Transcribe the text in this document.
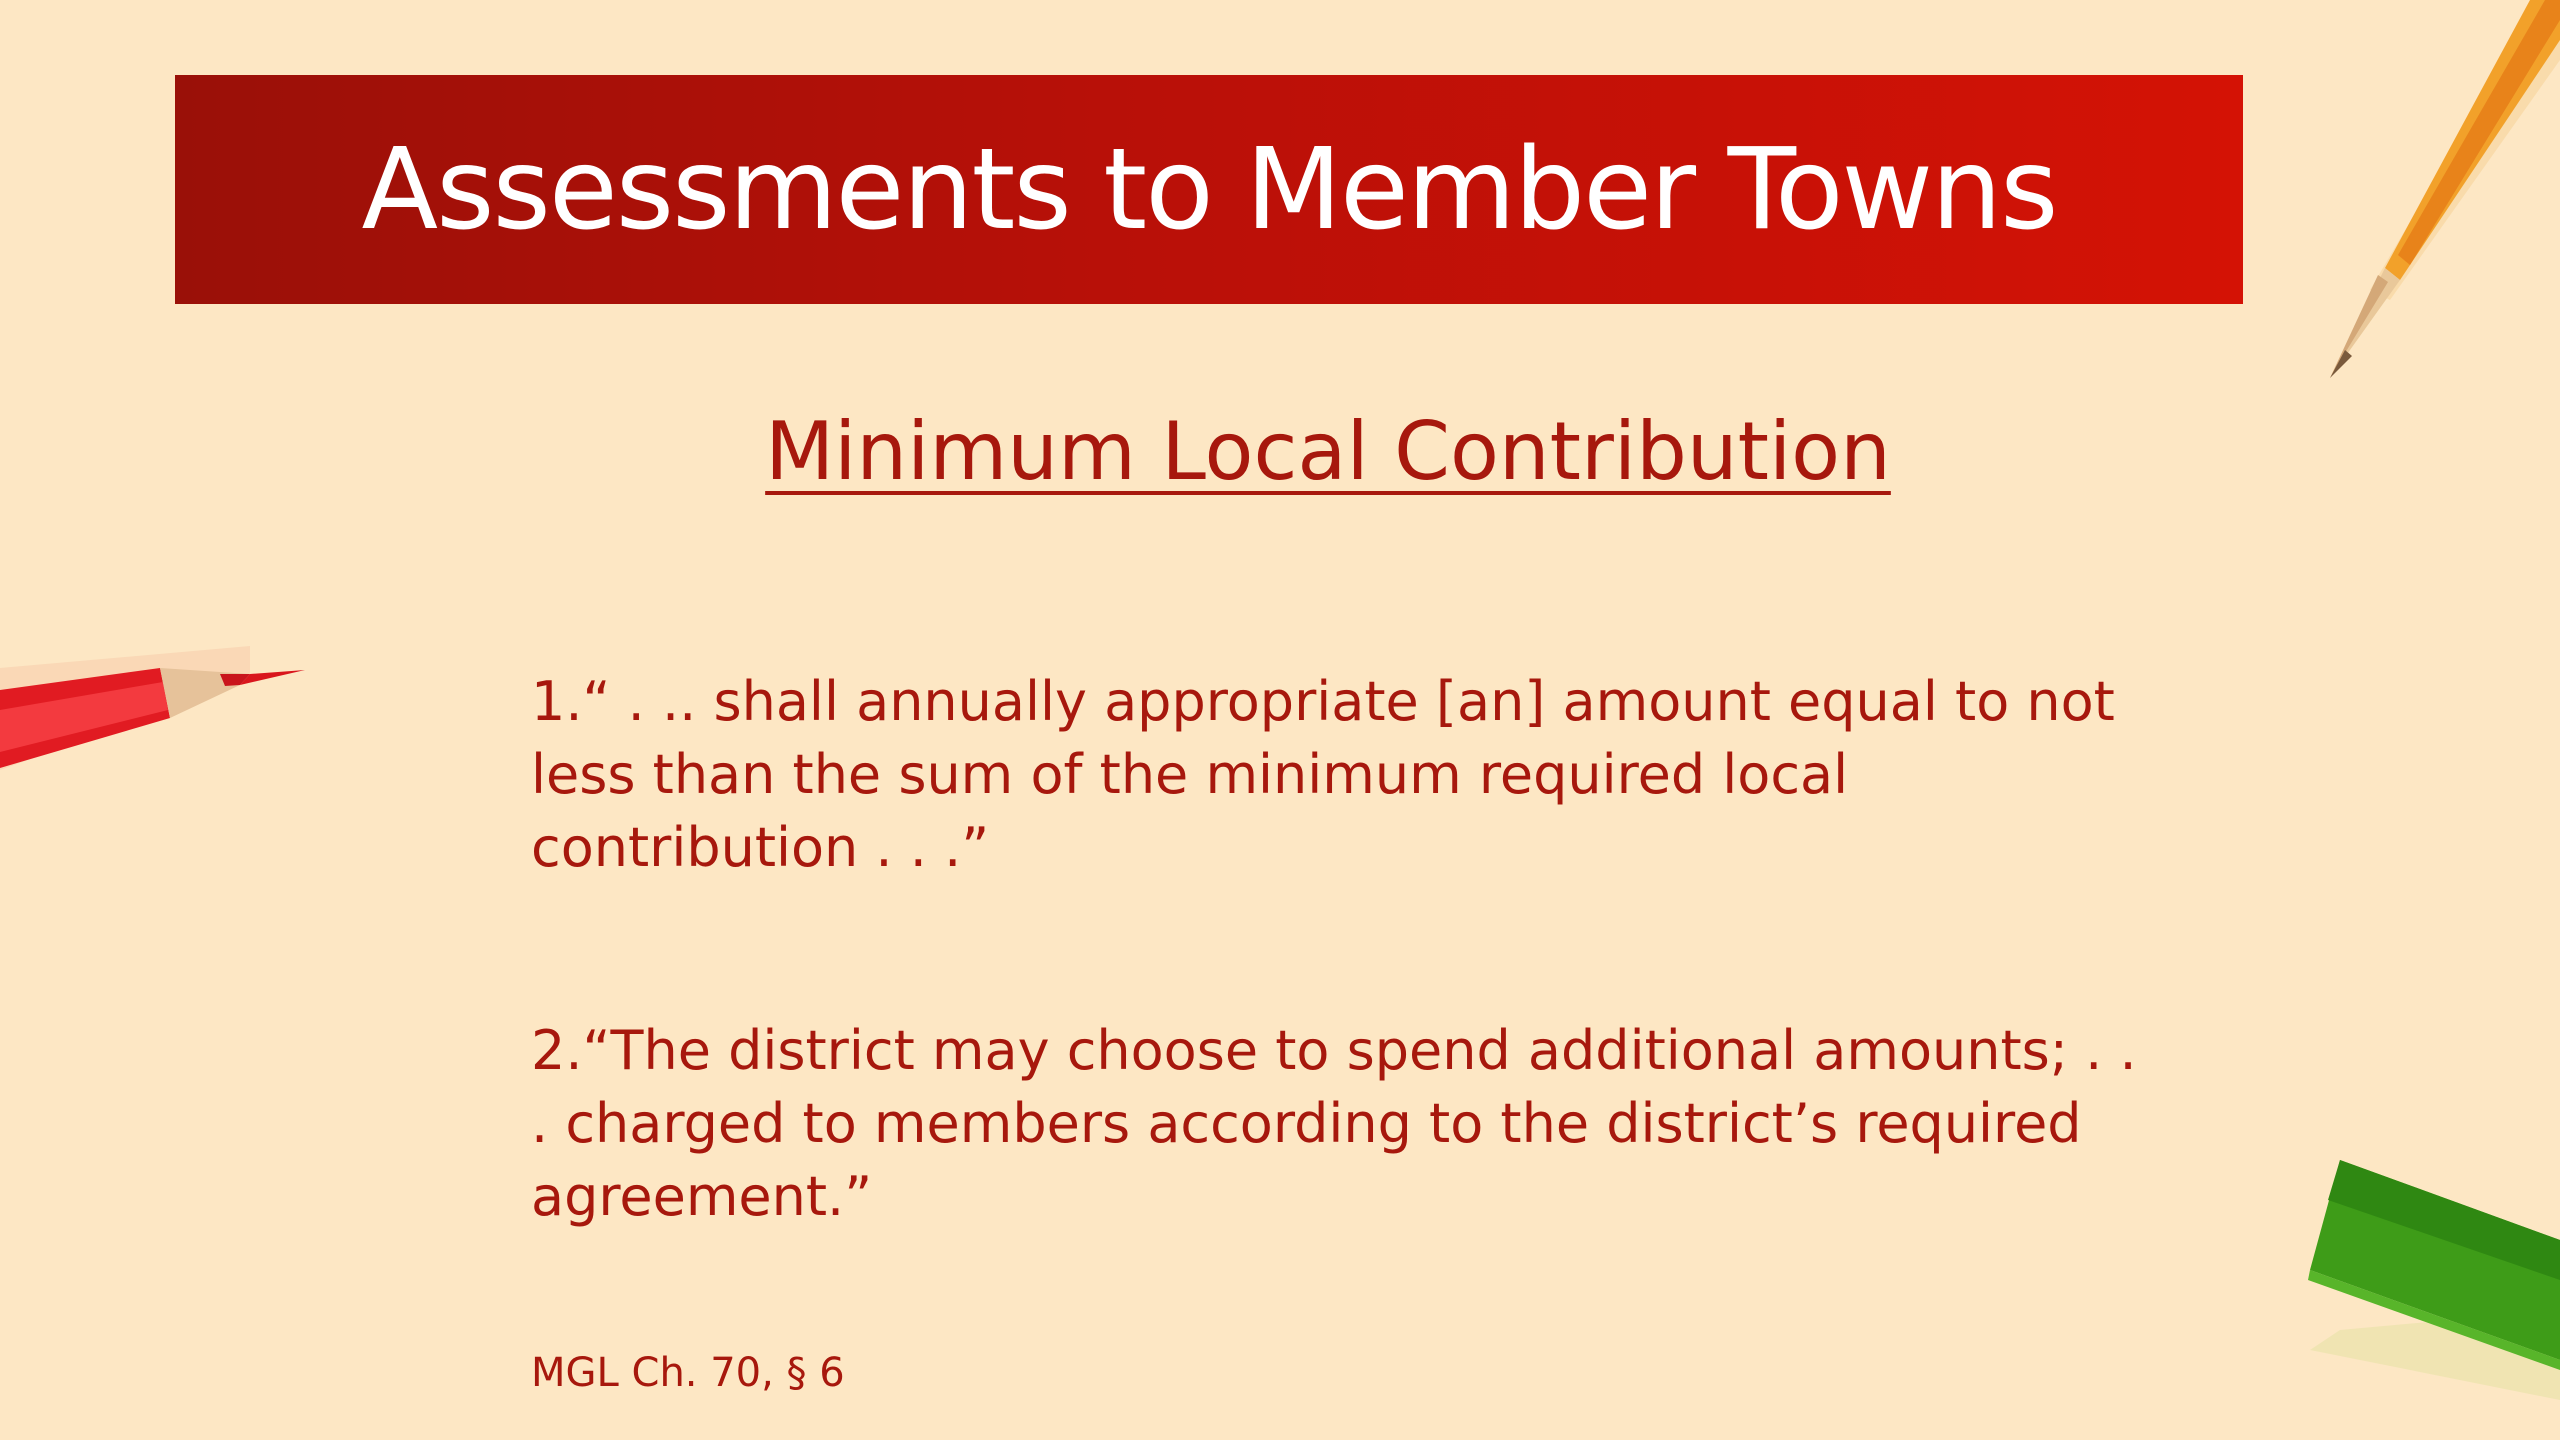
Assessments to Member Towns
Minimum Local Contribution
1.“ . .. shall annually appropriate [an] amount equal to not
less than the sum of the minimum required local
contribution . . .”
2.“The district may choose to spend additional amounts; . .
. charged to members according to the district’s required
agreement.”
MGL Ch. 70, § 6
